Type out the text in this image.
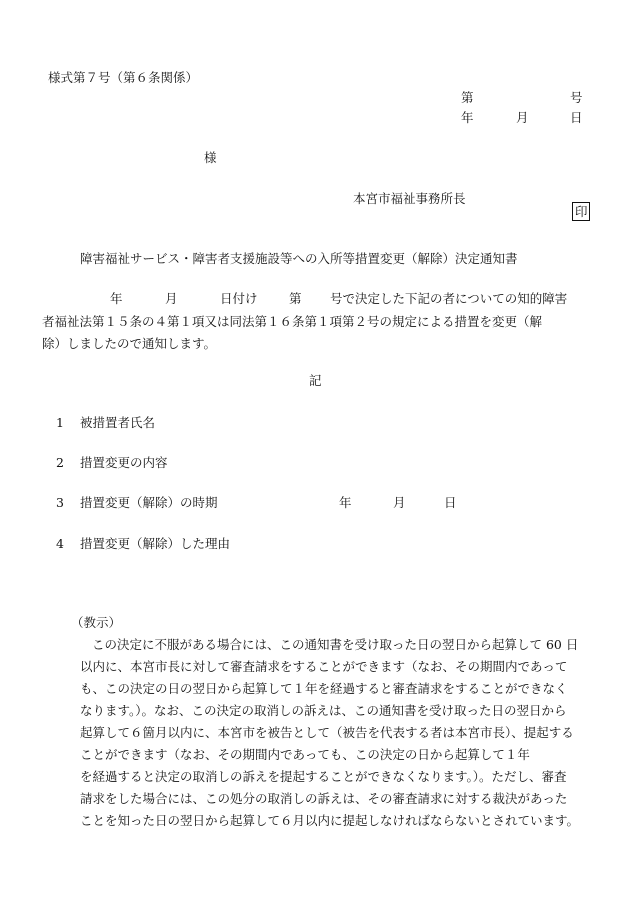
様式第７号（第６条関係）
第	号
年	月	日
様
本宮市福祉事務所長

印

障害福祉サービス・障害者支援施設等への入所等措置変更（解除）決定通知書
年	月	日付け	第 号で決定した下記の者についての知的障害
者福祉法第１５条の４第１項又は同法第１６条第１項第２号の規定による措置を変更（解
除）しましたので通知します。
記
1 被措置者氏名
2 措置変更の内容
3 措置変更（解除）の時期	年	月	日
4 措置変更（解除）した理由
（教示）
この決定に不服がある場合には、この通知書を受け取った日の翌日から起算して 60 日
以内に、本宮市長に対して審査請求をすることができます（なお、その期間内であって
も、この決定の日の翌日から起算して１年を経過すると審査請求をすることができなく
なります。）。なお、この決定の取消しの訴えは、この通知書を受け取った日の翌日から
起算して６箇月以内に、本宮市を被告として（被告を代表する者は本宮市長）、提起する
ことができます（なお、その期間内であっても、この決定の日から起算して１年
を経過すると決定の取消しの訴えを提起することができなくなります。）。ただし、審査
請求をした場合には、この処分の取消しの訴えは、その審査請求に対する裁決があった
ことを知った日の翌日から起算して６月以内に提起しなければならないとされています。
